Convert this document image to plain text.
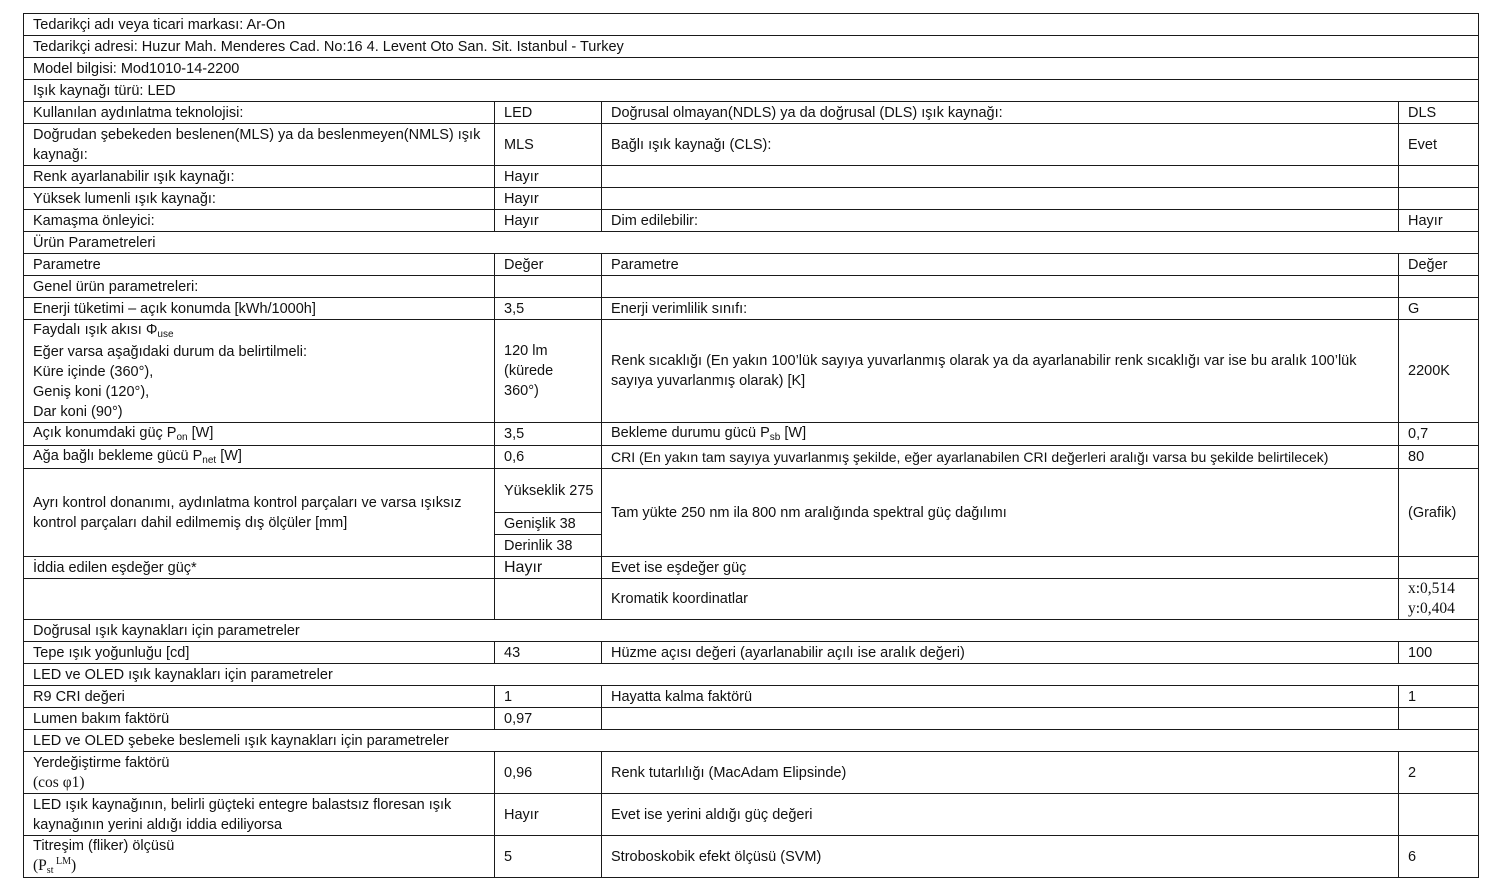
Tedarikçi adı veya ticari markası: Ar-On			
Tedarikçi adresi: Huzur Mah. Menderes Cad. No:16 4. Levent Oto San. Sit. Istanbul - Turkey			
Model bilgisi: Mod1010-14-2200			
Işık kaynağı türü: LED			
Kullanılan aydınlatma teknolojisi:	LED	Doğrusal olmayan(NDLS) ya da doğrusal (DLS) ışık kaynağı:	DLS
Doğrudan şebekeden beslenen(MLS) ya da beslenmeyen(NMLS) ışık kaynağı:	MLS	Bağlı ışık kaynağı (CLS):	Evet
Renk ayarlanabilir ışık kaynağı:	Hayır		
Yüksek lumenli ışık kaynağı:	Hayır		
Kamaşma önleyici:	Hayır	Dim edilebilir:	Hayır
Ürün Parametreleri			
Parametre	Değer	Parametre	Değer
Genel ürün parametreleri:			
Enerji tüketimi – açık konumda [kWh/1000h]	3,5	Enerji verimlilik sınıfı:	G
Faydalı ışık akısı $\Phi_{use}$
Eğer varsa aşağıdaki durum da belirtilmeli:
Küre içinde (360°),
Geniş koni (120°),
Dar koni (90°)	120 lm
(kürede
360°)	Renk sıcaklığı (En yakın 100’lük sayıya yuvarlanmış olarak ya da ayarlanabilir renk sıcaklığı var ise bu aralık 100’lük sayıya yuvarlanmış olarak) [K]	2200K
Açık konumdaki güç $P_{on}$ [W]	3,5	Bekleme durumu gücü $P_{sb}$ [W]	0,7
Ağa bağlı bekleme gücü $P_{net}$ [W]	0,6	CRI (En yakın tam sayıya yuvarlanmış şekilde, eğer ayarlanabilen CRI değerleri aralığı varsa bu şekilde belirtilecek)	80
Ayrı kontrol donanımı, aydınlatma kontrol parçaları ve varsa ışıksız kontrol parçaları dahil edilmemiş dış ölçüler [mm]	Yükseklik 275	Tam yükte 250 nm ila 800 nm aralığında spektral güç dağılımı	(Grafik)
	Genişlik 38		
	Derinlik 38		
İddia edilen eşdeğer güç*	Hayır	Evet ise eşdeğer güç	
		Kromatik koordinatlar	x:0,514
y:0,404
Doğrusal ışık kaynakları için parametreler			
Tepe ışık yoğunluğu [cd]	43	Hüzme açısı değeri (ayarlanabilir açılı ise aralık değeri)	100
LED ve OLED ışık kaynakları için parametreler			
R9 CRI değeri	1	Hayatta kalma faktörü	1
Lumen bakım faktörü	0,97		
LED ve OLED şebeke beslemeli ışık kaynakları için parametreler			
Yerdeğiştirme faktörü
(cos φ1)	0,96	Renk tutarlılığı (MacAdam Elipsinde)	2
LED ışık kaynağının, belirli güçteki entegre balastsız floresan ışık kaynağının yerini aldığı iddia ediliyorsa	Hayır	Evet ise yerini aldığı güç değeri	
Titreşim (fliker) ölçüsü
(Pst $^{LM}$)	5	Stroboskobik efekt ölçüsü (SVM)	6
